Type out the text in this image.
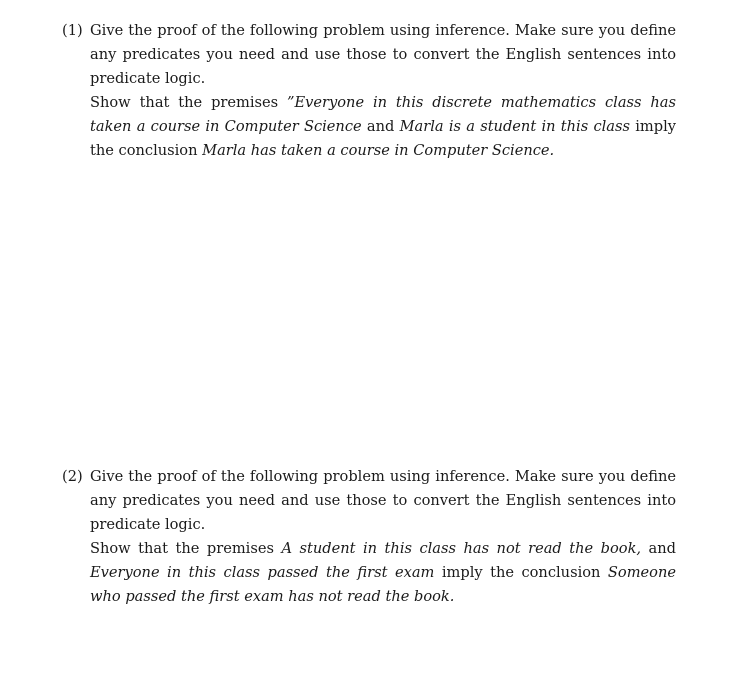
(1) Give the proof of the following problem using inference. Make sure you define any predicates you need and use those to convert the English sentences into predicate logic.

Show that the premises ”Everyone in this discrete mathematics class has taken a course in Computer Science and Marla is a student in this class imply the conclusion Marla has taken a course in Computer Science.

(2) Give the proof of the following problem using inference. Make sure you define any predicates you need and use those to convert the English sentences into predicate logic.

Show that the premises A student in this class has not read the book, and Everyone in this class passed the first exam imply the conclusion Someone who passed the first exam has not read the book.
